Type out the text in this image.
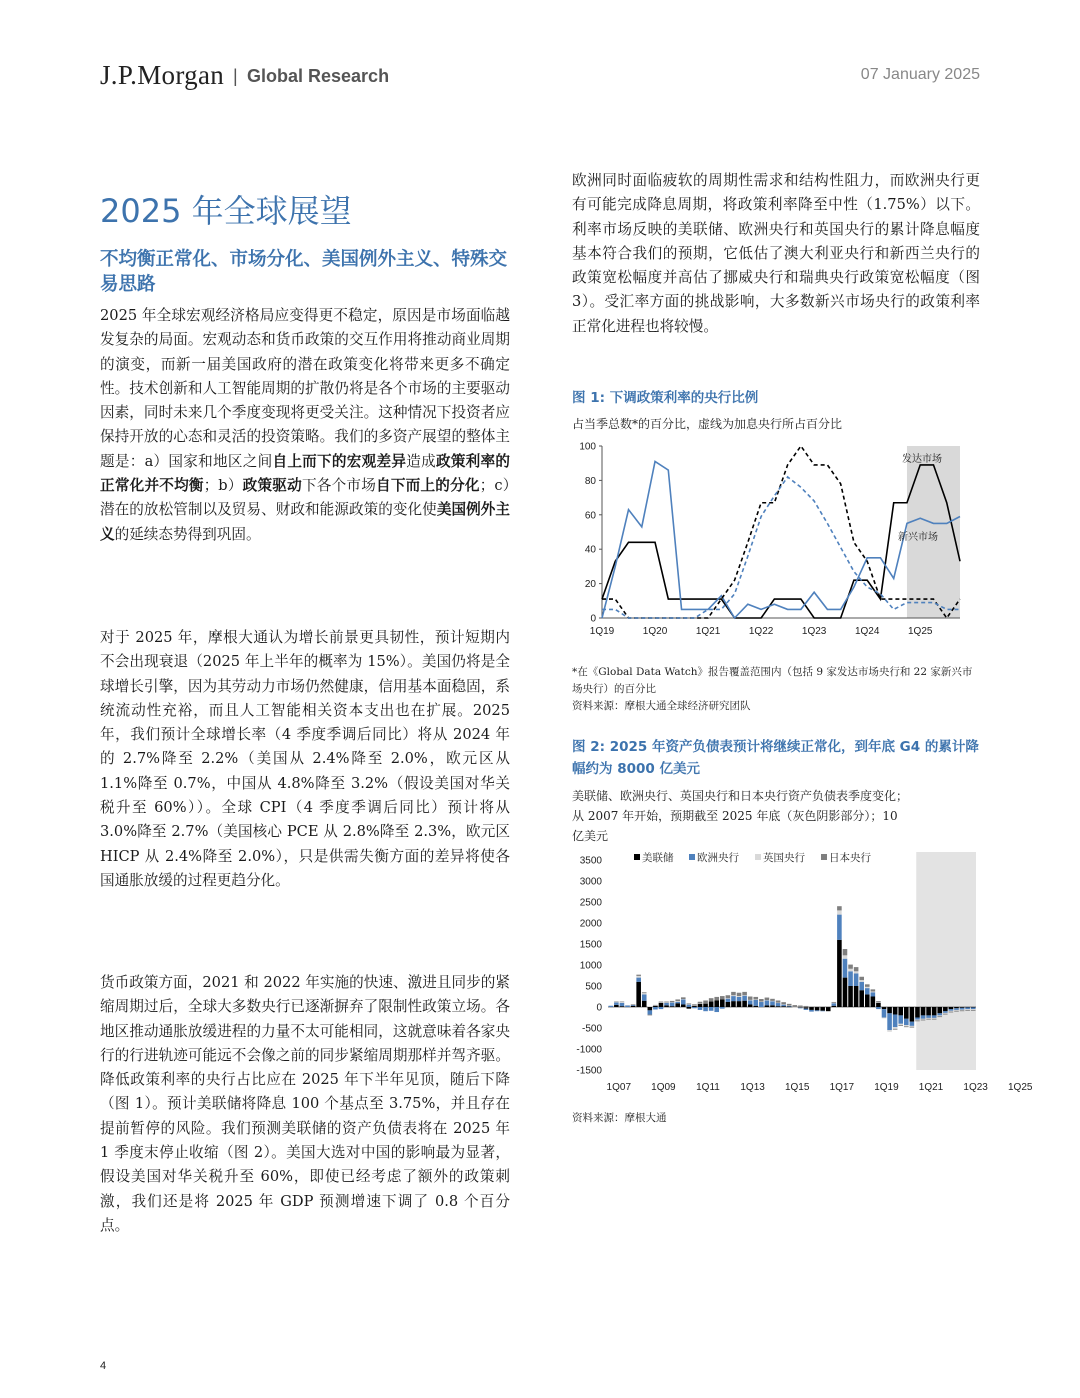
J.P.Morgan | Global Research	07 January 2025
2025 年全球展望
不均衡正常化、市场分化、美国例外主义、特殊交易思路

2025 年全球宏观经济格局应变得更不稳定，原因是市场面临越发复杂的局面。宏观动态和货币政策的交互作用将推动商业周期的演变，而新一届美国政府的潜在政策变化将带来更多不确定性。技术创新和人工智能周期的扩散仍将是各个市场的主要驱动因素，同时未来几个季度变现将更受关注。这种情况下投资者应保持开放的心态和灵活的投资策略。我们的多资产展望的整体主题是：a）国家和地区之间自上而下的宏观差异造成政策利率的正常化并不均衡；b）政策驱动下各个市场自下而上的分化；c）潜在的放松管制以及贸易、财政和能源政策的变化使美国例外主义的延续态势得到巩固。

对于 2025 年，摩根大通认为增长前景更具韧性，预计短期内不会出现衰退（2025 年上半年的概率为 15%）。美国仍将是全球增长引擎，因为其劳动力市场仍然健康，信用基本面稳固，系统流动性充裕，而且人工智能相关资本支出也在扩展。2025 年，我们预计全球增长率（4 季度季调后同比）将从 2024 年的 2.7%降至 2.2%（美国从 2.4%降至 2.0%，欧元区从 1.1%降至 0.7%，中国从 4.8%降至 3.2%（假设美国对华关税升至 60%））。全球 CPI（4 季度季调后同比）预计将从 3.0%降至 2.7%（美国核心 PCE 从 2.8%降至 2.3%，欧元区 HICP 从 2.4%降至 2.0%），只是供需失衡方面的差异将使各国通胀放缓的过程更趋分化。

货币政策方面，2021 和 2022 年实施的快速、激进且同步的紧缩周期过后，全球大多数央行已逐渐摒弃了限制性政策立场。各地区推动通胀放缓进程的力量不太可能相同，这就意味着各家央行的行进轨迹可能远不会像之前的同步紧缩周期那样并驾齐驱。降低政策利率的央行占比应在 2025 年下半年见顶，随后下降（图 1）。预计美联储将降息 100 个基点至 3.75%，并且存在提前暂停的风险。我们预测美联储的资产负债表将在 2025 年 1 季度末停止收缩（图 2）。美国大选对中国的影响最为显著，假设美国对华关税升至 60%，即使已经考虑了额外的政策刺激，我们还是将 2025 年 GDP 预测增速下调了 0.8 个百分点。

欧洲同时面临疲软的周期性需求和结构性阻力，而欧洲央行更有可能完成降息周期，将政策利率降至中性（1.75%）以下。利率市场反映的美联储、欧洲央行和英国央行的累计降息幅度基本符合我们的预期，它低估了澳大利亚央行和新西兰央行的政策宽松幅度并高估了挪威央行和瑞典央行政策宽松幅度（图 3）。受汇率方面的挑战影响，大多数新兴市场央行的政策利率正常化进程也将较慢。

图 1: 下调政策利率的央行比例
占当季总数*的百分比，虚线为加息央行所占百分比
0
20
40
60
80
100
1Q19	1Q20	1Q21	1Q22	1Q23	1Q24	1Q25
发达市场
新兴市场
*在《Global Data Watch》报告覆盖范围内（包括 9 家发达市场央行和 22 家新兴市场央行）的百分比
资料来源：摩根大通全球经济研究团队
图 2: 2025 年资产负债表预计将继续正常化，到年底 G4 的累计降幅约为 8000 亿美元
美联储、欧洲央行、英国央行和日本央行资产负债表季度变化；从 2007 年开始，预期截至 2025 年底（灰色阴影部分）；10 亿美元
3500
3000
2500
2000
1500
1000
500
0
-500
-1000
-1500
1Q07 1Q09 1Q11 1Q13 1Q15 1Q17 1Q19 1Q21 1Q23 1Q25
美联储 欧洲央行 英国央行 日本央行
资料来源：摩根大通
4
